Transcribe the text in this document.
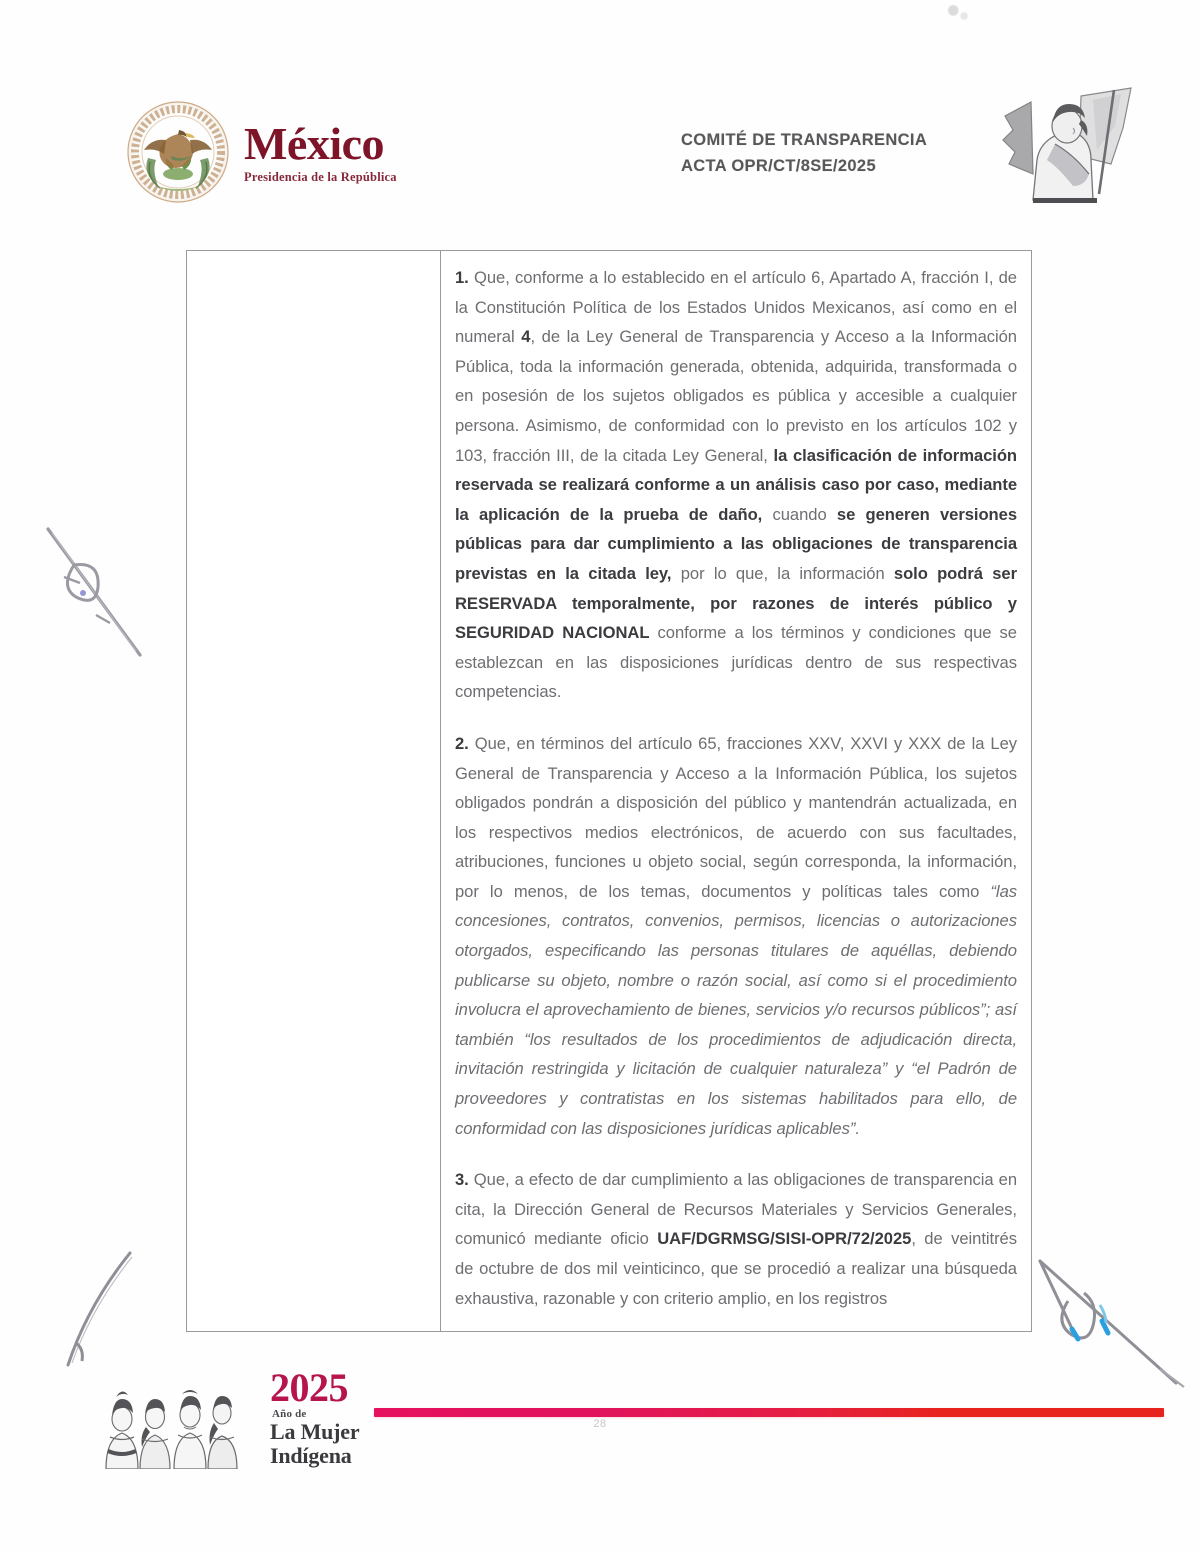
México
Presidencia de la República
COMITÉ DE TRANSPARENCIA
ACTA OPR/CT/8SE/2025

1. Que, conforme a lo establecido en el artículo 6, Apartado A, fracción I, de la Constitución Política de los Estados Unidos Mexicanos, así como en el numeral 4, de la Ley General de Transparencia y Acceso a la Información Pública, toda la información generada, obtenida, adquirida, transformada o en posesión de los sujetos obligados es pública y accesible a cualquier persona. Asimismo, de conformidad con lo previsto en los artículos 102 y 103, fracción III, de la citada Ley General, la clasificación de información reservada se realizará conforme a un análisis caso por caso, mediante la aplicación de la prueba de daño, cuando se generen versiones públicas para dar cumplimiento a las obligaciones de transparencia previstas en la citada ley, por lo que, la información solo podrá ser RESERVADA temporalmente, por razones de interés público y SEGURIDAD NACIONAL conforme a los términos y condiciones que se establezcan en las disposiciones jurídicas dentro de sus respectivas competencias.

2. Que, en términos del artículo 65, fracciones XXV, XXVI y XXX de la Ley General de Transparencia y Acceso a la Información Pública, los sujetos obligados pondrán a disposición del público y mantendrán actualizada, en los respectivos medios electrónicos, de acuerdo con sus facultades, atribuciones, funciones u objeto social, según corresponda, la información, por lo menos, de los temas, documentos y políticas tales como “las concesiones, contratos, convenios, permisos, licencias o autorizaciones otorgados, especificando las personas titulares de aquéllas, debiendo publicarse su objeto, nombre o razón social, así como si el procedimiento involucra el aprovechamiento de bienes, servicios y/o recursos públicos”; así también “los resultados de los procedimientos de adjudicación directa, invitación restringida y licitación de cualquier naturaleza” y “el Padrón de proveedores y contratistas en los sistemas habilitados para ello, de conformidad con las disposiciones jurídicas aplicables”.

3. Que, a efecto de dar cumplimiento a las obligaciones de transparencia en cita, la Dirección General de Recursos Materiales y Servicios Generales, comunicó mediante oficio UAF/DGRMSG/SISI-OPR/72/2025, de veintitrés de octubre de dos mil veinticinco, que se procedió a realizar una búsqueda exhaustiva, razonable y con criterio amplio, en los registros

2025
Año de
La Mujer
Indígena
28
